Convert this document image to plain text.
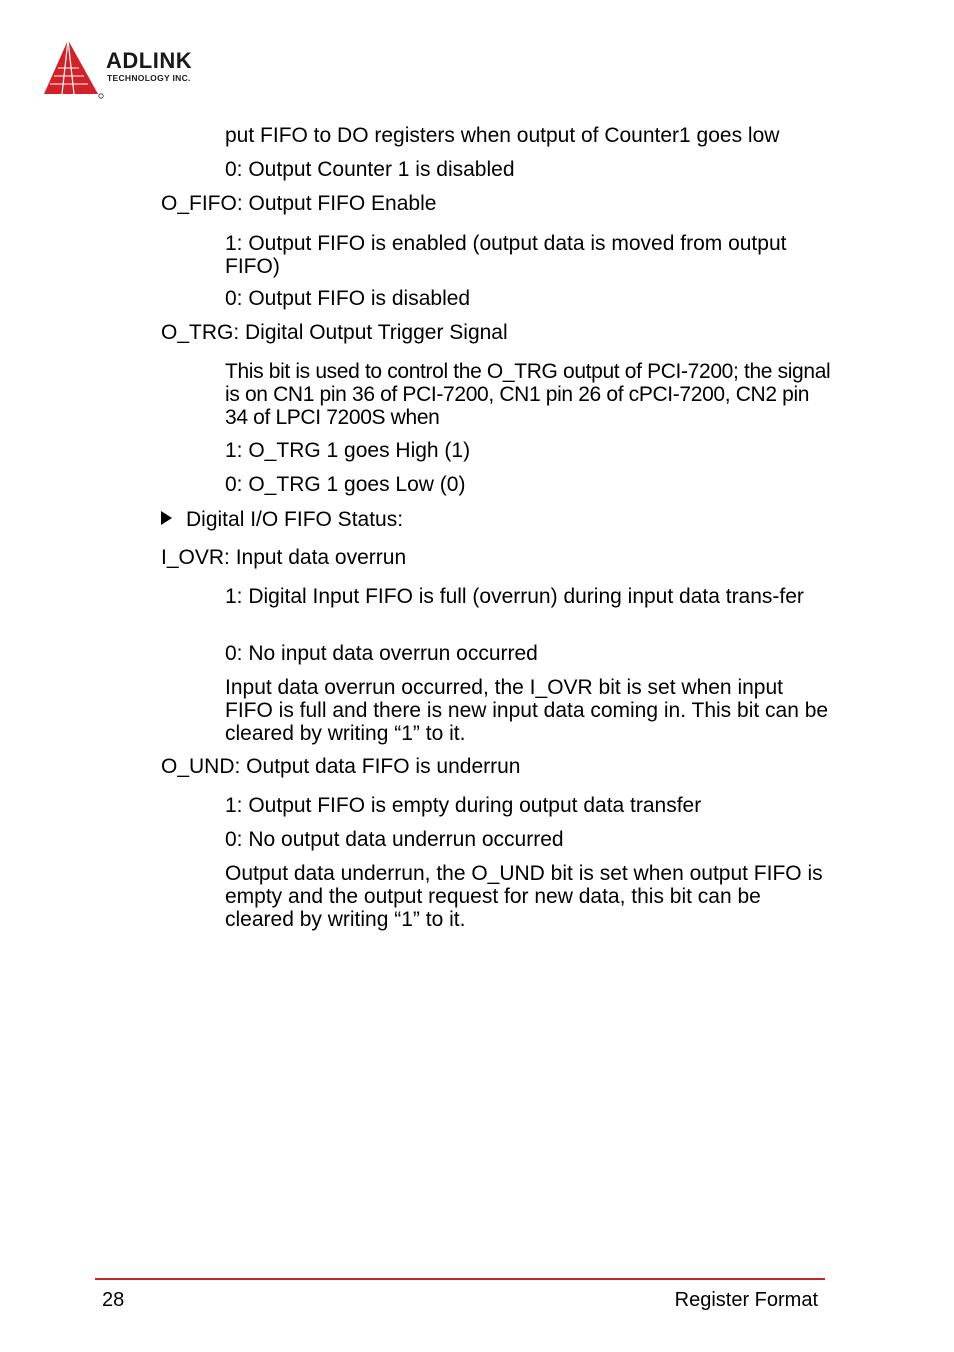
ADLINK
TECHNOLOGY INC.

put FIFO to DO registers when output of Counter1 goes low

0: Output Counter 1 is disabled

O_FIFO: Output FIFO Enable

1: Output FIFO is enabled (output data is moved from output FIFO)

0: Output FIFO is disabled

O_TRG: Digital Output Trigger Signal

This bit is used to control the O_TRG output of PCI-7200; the signal is on CN1 pin 36 of PCI-7200, CN1 pin 26 of cPCI-7200, CN2 pin 34 of LPCI 7200S when

1: O_TRG 1 goes High (1)

0: O_TRG 1 goes Low (0)

Digital I/O FIFO Status:

I_OVR: Input data overrun

1: Digital Input FIFO is full (overrun) during input data trans-fer

0: No input data overrun occurred

Input data overrun occurred, the I_OVR bit is set when input FIFO is full and there is new input data coming in. This bit can be cleared by writing “1” to it.

O_UND: Output data FIFO is underrun

1: Output FIFO is empty during output data transfer

0: No output data underrun occurred

Output data underrun, the O_UND bit is set when output FIFO is empty and the output request for new data, this bit can be cleared by writing “1” to it.

28	Register Format
